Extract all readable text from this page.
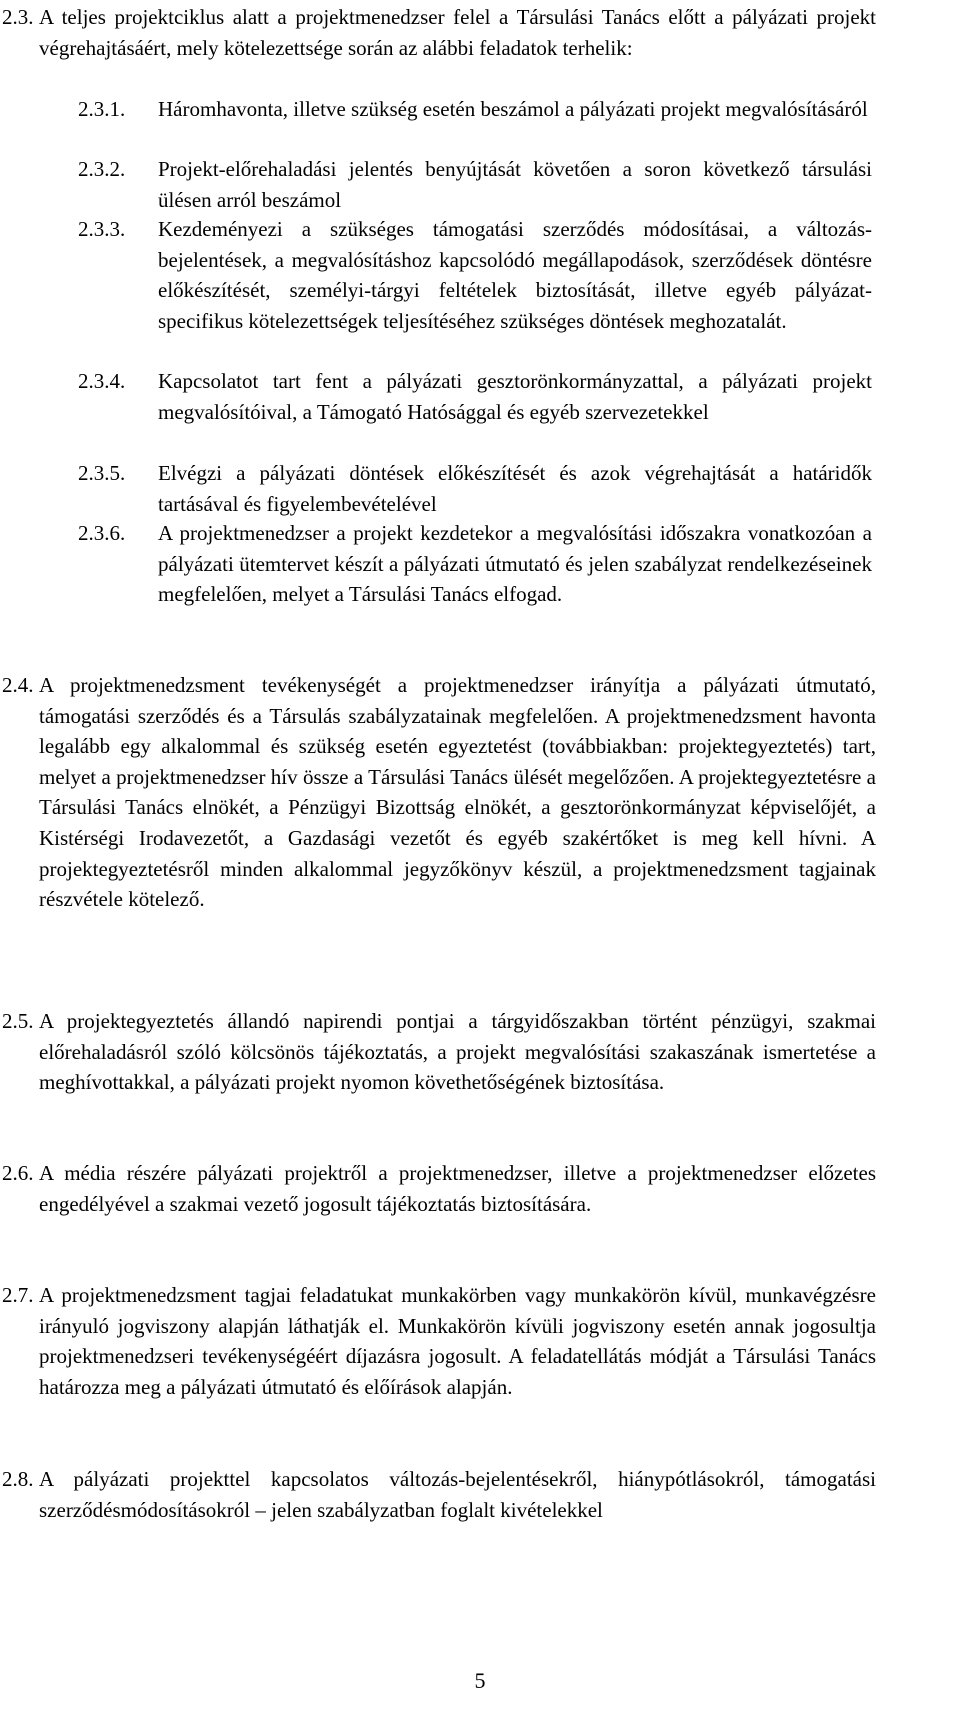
2.3. A teljes projektciklus alatt a projektmenedzser felel a Társulási Tanács előtt a pályázati projekt végrehajtásáért, mely kötelezettsége során az alábbi feladatok terhelik:
2.3.1.	Háromhavonta, illetve szükség esetén beszámol a pályázati projekt megvalósításáról
2.3.2.	Projekt-előrehaladási jelentés benyújtását követően a soron következő társulási ülésen arról beszámol
2.3.3.	Kezdeményezi a szükséges támogatási szerződés módosításai, a változás-bejelentések, a megvalósításhoz kapcsolódó megállapodások, szerződések döntésre előkészítését, személyi-tárgyi feltételek biztosítását, illetve egyéb pályázat-specifikus kötelezettségek teljesítéséhez szükséges döntések meghozatalát.
2.3.4.	Kapcsolatot tart fent a pályázati gesztorönkormányzattal, a pályázati projekt megvalósítóival, a Támogató Hatósággal és egyéb szervezetekkel
2.3.5.	Elvégzi a pályázati döntések előkészítését és azok végrehajtását a határidők tartásával és figyelembevételével
2.3.6.	A projektmenedzser a projekt kezdetekor a megvalósítási időszakra vonatkozóan a pályázati ütemtervet készít a pályázati útmutató és jelen szabályzat rendelkezéseinek megfelelően, melyet a Társulási Tanács elfogad.
2.4. A projektmenedzsment tevékenységét a projektmenedzser irányítja a pályázati útmutató, támogatási szerződés és a Társulás szabályzatainak megfelelően. A projektmenedzsment havonta legalább egy alkalommal és szükség esetén egyeztetést (továbbiakban: projektegyeztetés) tart, melyet a projektmenedzser hív össze a Társulási Tanács ülését megelőzően. A projektegyeztetésre a Társulási Tanács elnökét, a Pénzügyi Bizottság elnökét, a gesztorönkormányzat képviselőjét, a Kistérségi Irodavezetőt, a Gazdasági vezetőt és egyéb szakértőket is meg kell hívni. A projektegyeztetésről minden alkalommal jegyzőkönyv készül, a projektmenedzsment tagjainak részvétele kötelező.
2.5. A projektegyeztetés állandó napirendi pontjai a tárgyidőszakban történt pénzügyi, szakmai előrehaladásról szóló kölcsönös tájékoztatás, a projekt megvalósítási szakaszának ismertetése a meghívottakkal, a pályázati projekt nyomon követhetőségének biztosítása.
2.6. A média részére pályázati projektről a projektmenedzser, illetve a projektmenedzser előzetes engedélyével a szakmai vezető jogosult tájékoztatás biztosítására.
2.7. A projektmenedzsment tagjai feladatukat munkakörben vagy munkakörön kívül, munkavégzésre irányuló jogviszony alapján láthatják el. Munkakörön kívüli jogviszony esetén annak jogosultja projektmenedzseri tevékenységéért díjazásra jogosult. A feladatellátás módját a Társulási Tanács határozza meg a pályázati útmutató és előírások alapján.
2.8. A pályázati projekttel kapcsolatos változás-bejelentésekről, hiánypótlásokról, támogatási szerződésmódosításokról – jelen szabályzatban foglalt kivételekkel
5
